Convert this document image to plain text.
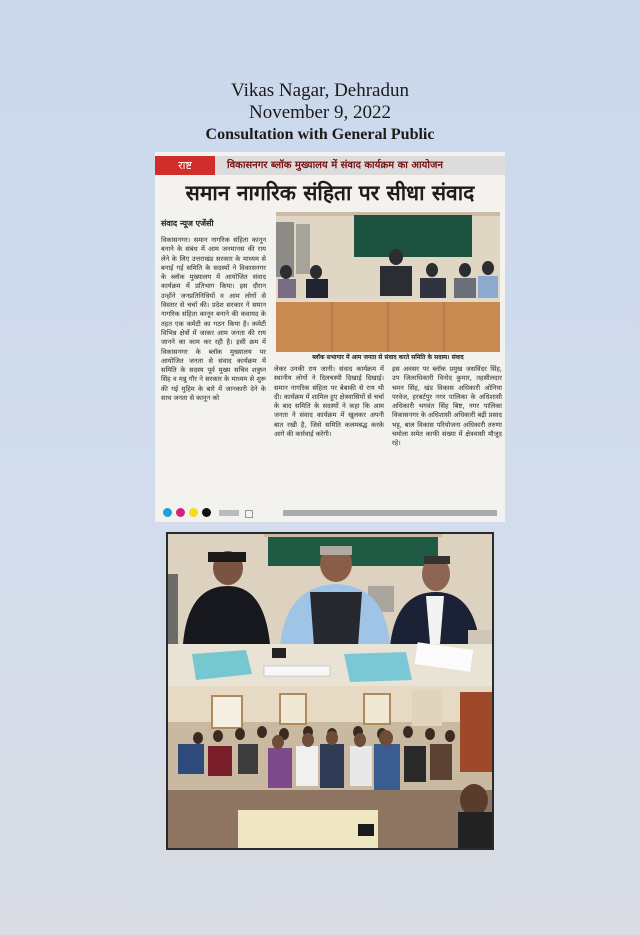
Vikas Nagar, Dehradun
November 9, 2022
Consultation with General Public
राष्ट	विकासनगर ब्लॉक मुख्यालय में संवाद कार्यक्रम का आयोजन
समान नागरिक संहिता पर सीधा संवाद
संवाद न्यूज एजेंसी
विकासनगर। समान नागरिक संहिता कानून बनाने के संबंध में आम जनमानस की राय लेने के लिए उत्तराखंड सरकार के माध्यम से बनाई गई समिति के सदस्यों ने विकासनगर के ब्लॉक मुख्यालय में आयोजित संवाद कार्यक्रम में प्रतिभाग किया। इस दौरान उन्होंने जनप्रतिनिधियों व आम लोगों से विस्तार से चर्चा की। प्रदेश सरकार ने समान नागरिक संहिता कानून बनाने की कवायद के तहत एक कमेटी का गठन किया है। कमेटी विभिन्न क्षेत्रों में जाकर आम जनता की राय जानने का काम कर रही है। इसी क्रम में विकासनगर के ब्लॉक मुख्यालय पर आयोजित जनता से संवाद कार्यक्रम में समिति के सदस्य पूर्व मुख्य सचिव शत्रुघ्न सिंह व मन्नु गौर ने सरकार के माध्यम से शुरू की गई मुहिम के बारे में जानकारी देने के साथ जनता से कानून को
ब्लॉक सभागार में आम जनता से संवाद करते समिति के सदस्य। संवाद
लेकर उनकी राय जानी। संवाद कार्यक्रम में स्थानीय लोगों ने दिलचस्पी दिखाई दिखाई। समान नागरिक संहिता पर बेबाकी से राय भी दी। कार्यक्रम में शामिल हुए क्षेत्रवासियों से चर्चा के बाद समिति के सदस्यों ने कहा कि आम जनता ने संवाद कार्यक्रम में खुलकर अपनी बात रखी है, जिसे समिति कलमबद्ध करके आगे की कार्रवाई करेगी।
इस अवसर पर ब्लॉक प्रमुख जसविंदर सिंह, उप जिलाधिकारी विनोद कुमार, तहसीलदार चमन सिंह, खंड विकास अधिकारी ओनिया परवेज, हरबर्टपुर नगर पालिका के अधिशासी अधिकारी भगवंत सिंह बिष्ट, नगर पालिका विकासनगर के अधिशासी अधिकारी बद्री प्रसाद भट्ट, बाल विकास परियोजना अधिकारी तरुणा चमोला समेत काफी संख्या में क्षेत्रवासी मौजूद रहे।
